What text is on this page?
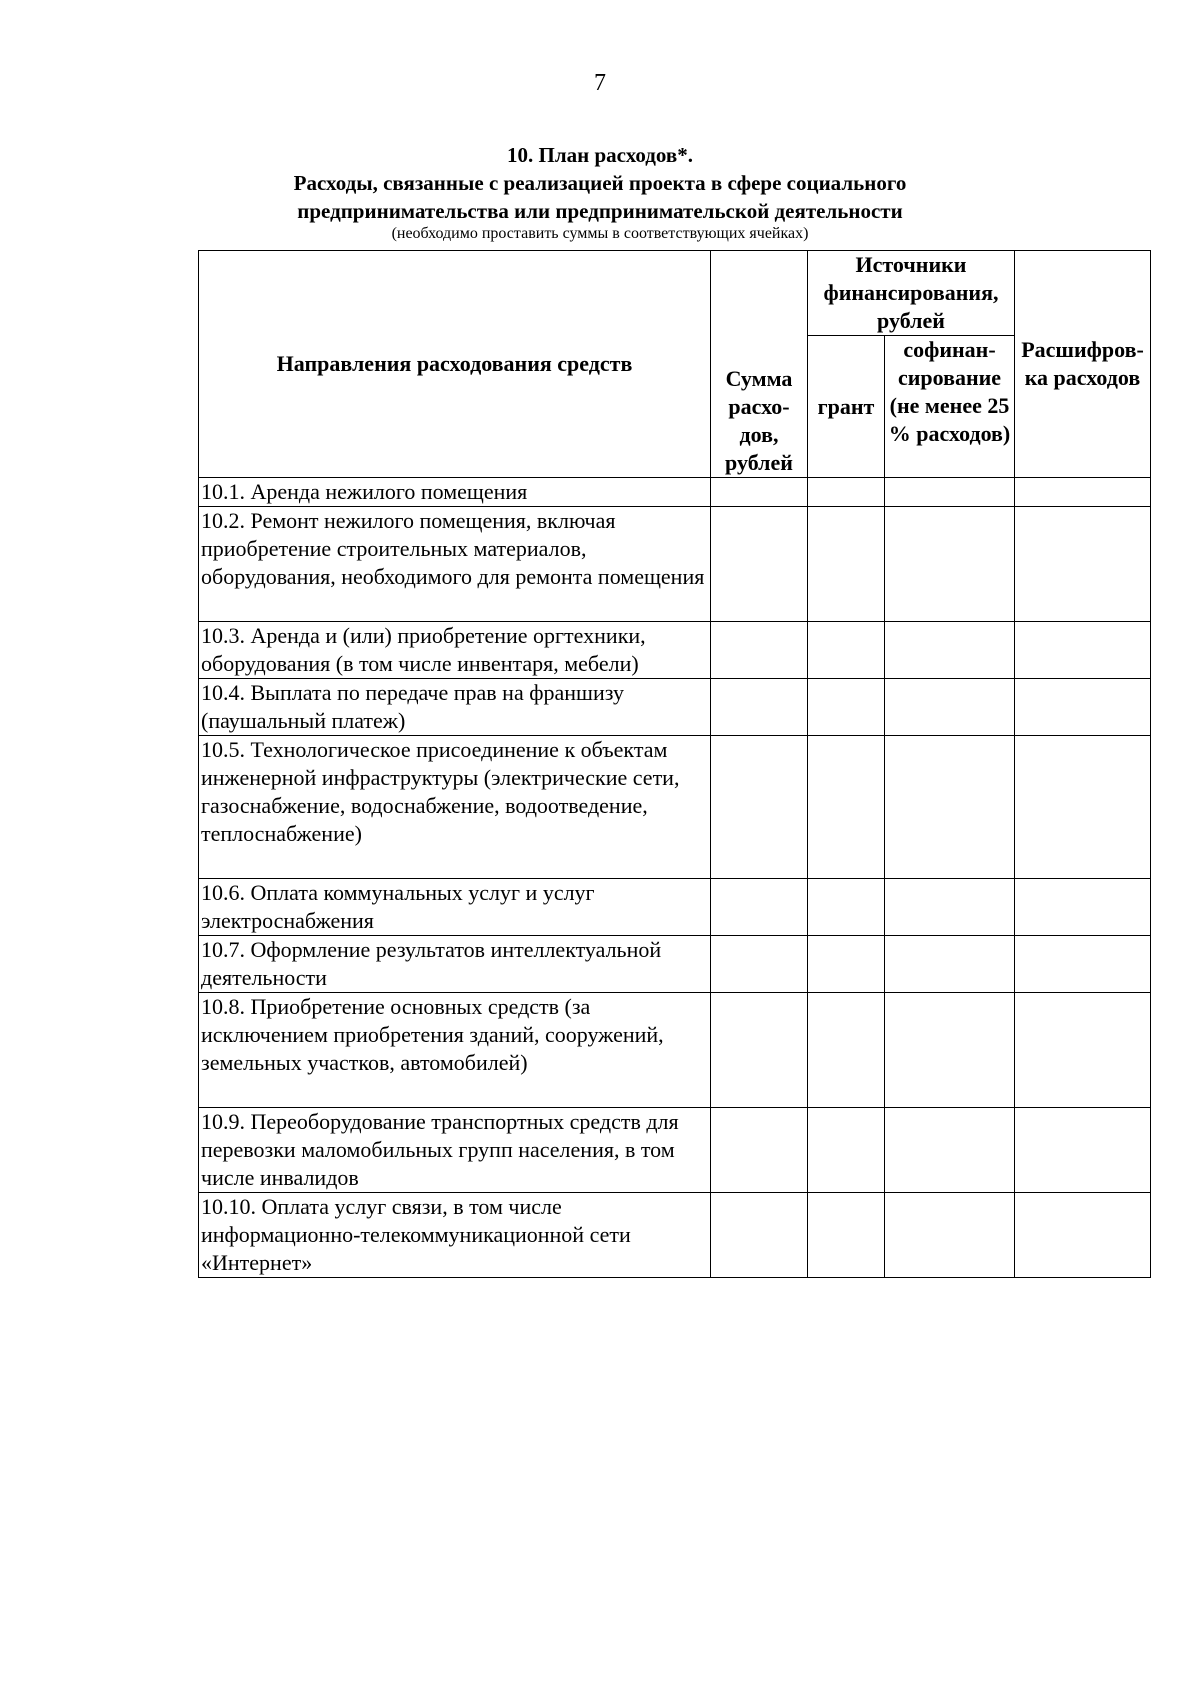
7
10. План расходов*.
Расходы, связанные с реализацией проекта в сфере социального
предпринимательства или предпринимательской деятельности
(необходимо проставить суммы в соответствующих ячейках)
Направления расходования средств	Сумма расхо-дов, рублей	Источники финансирования, рублей		Расшифров-ка расходов
		грант	софинан-сирование (не менее 25 % расходов)	
10.1. Аренда нежилого помещения				
10.2. Ремонт нежилого помещения, включая приобретение строительных материалов, оборудования, необходимого для ремонта помещения				
10.3. Аренда и (или) приобретение оргтехники, оборудования (в том числе инвентаря, мебели)				
10.4. Выплата по передаче прав на франшизу (паушальный платеж)				
10.5. Технологическое присоединение к объектам инженерной инфраструктуры (электрические сети, газоснабжение, водоснабжение, водоотведение, теплоснабжение)				
10.6. Оплата коммунальных услуг и услуг электроснабжения				
10.7. Оформление результатов интеллектуальной деятельности				
10.8. Приобретение основных средств (за исключением приобретения зданий, сооружений, земельных участков, автомобилей)				
10.9. Переоборудование транспортных средств для перевозки маломобильных групп населения, в том числе инвалидов				
10.10. Оплата услуг связи, в том числе информационно-телекоммуникационной сети «Интернет»				
